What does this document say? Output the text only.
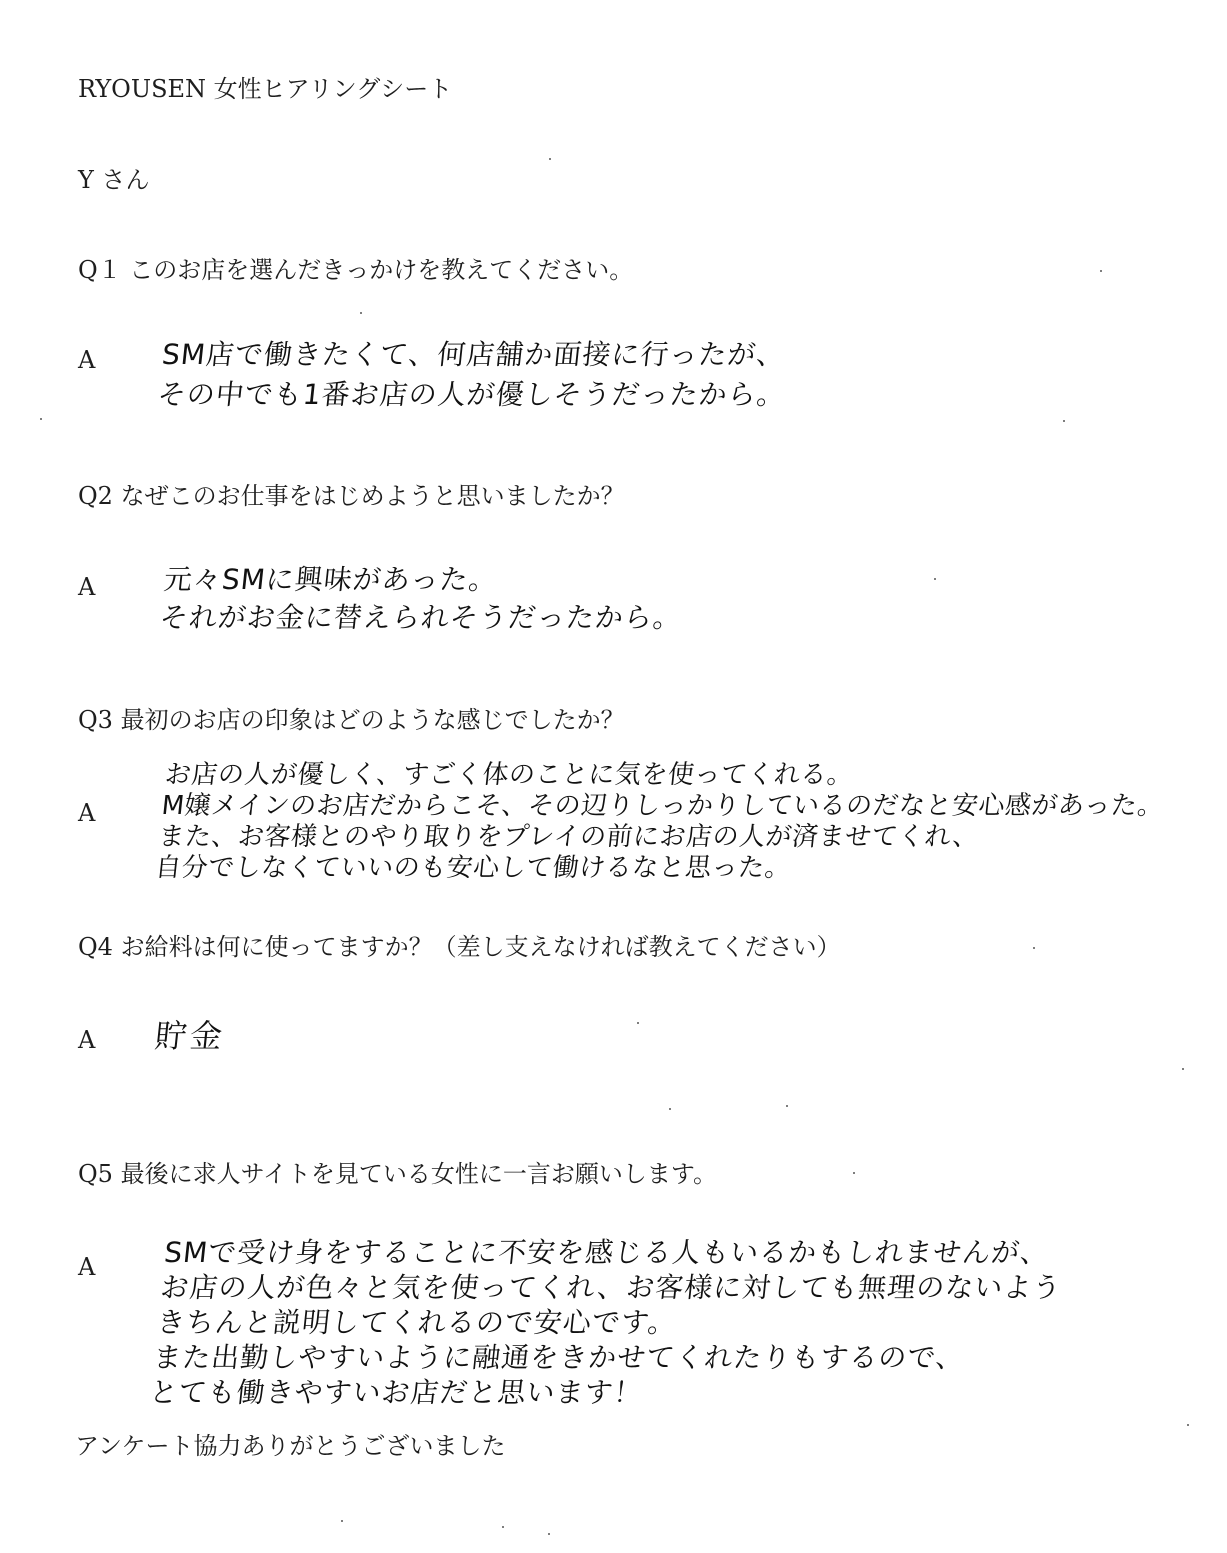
RYOUSEN 女性ヒアリングシート
Y さん
Q１ このお店を選んだきっかけを教えてください。
A SM店で働きたくて、何店舗か面接に行ったが、
その中でも1番お店の人が優しそうだったから。
Q2 なぜこのお仕事をはじめようと思いましたか？
A 元々SMに興味があった。
それがお金に替えられそうだったから。
Q3 最初のお店の印象はどのような感じでしたか？
A
お店の人が優しく、すごく体のことに気を使ってくれる。
M嬢メインのお店だからこそ、その辺りしっかりしているのだなと安心感があった。
また、お客様とのやり取りをプレイの前にお店の人が済ませてくれ、
自分でしなくていいのも安心して働けるなと思った。
Q4 お給料は何に使ってますか？（差し支えなければ教えてください）
A 貯金
Q5 最後に求人サイトを見ている女性に一言お願いします。
A SMで受け身をすることに不安を感じる人もいるかもしれませんが、
お店の人が色々と気を使ってくれ、お客様に対しても無理のないよう
きちんと説明してくれるので安心です。
また出勤しやすいように融通をきかせてくれたりもするので、
とても働きやすいお店だと思います！
アンケート協力ありがとうございました
